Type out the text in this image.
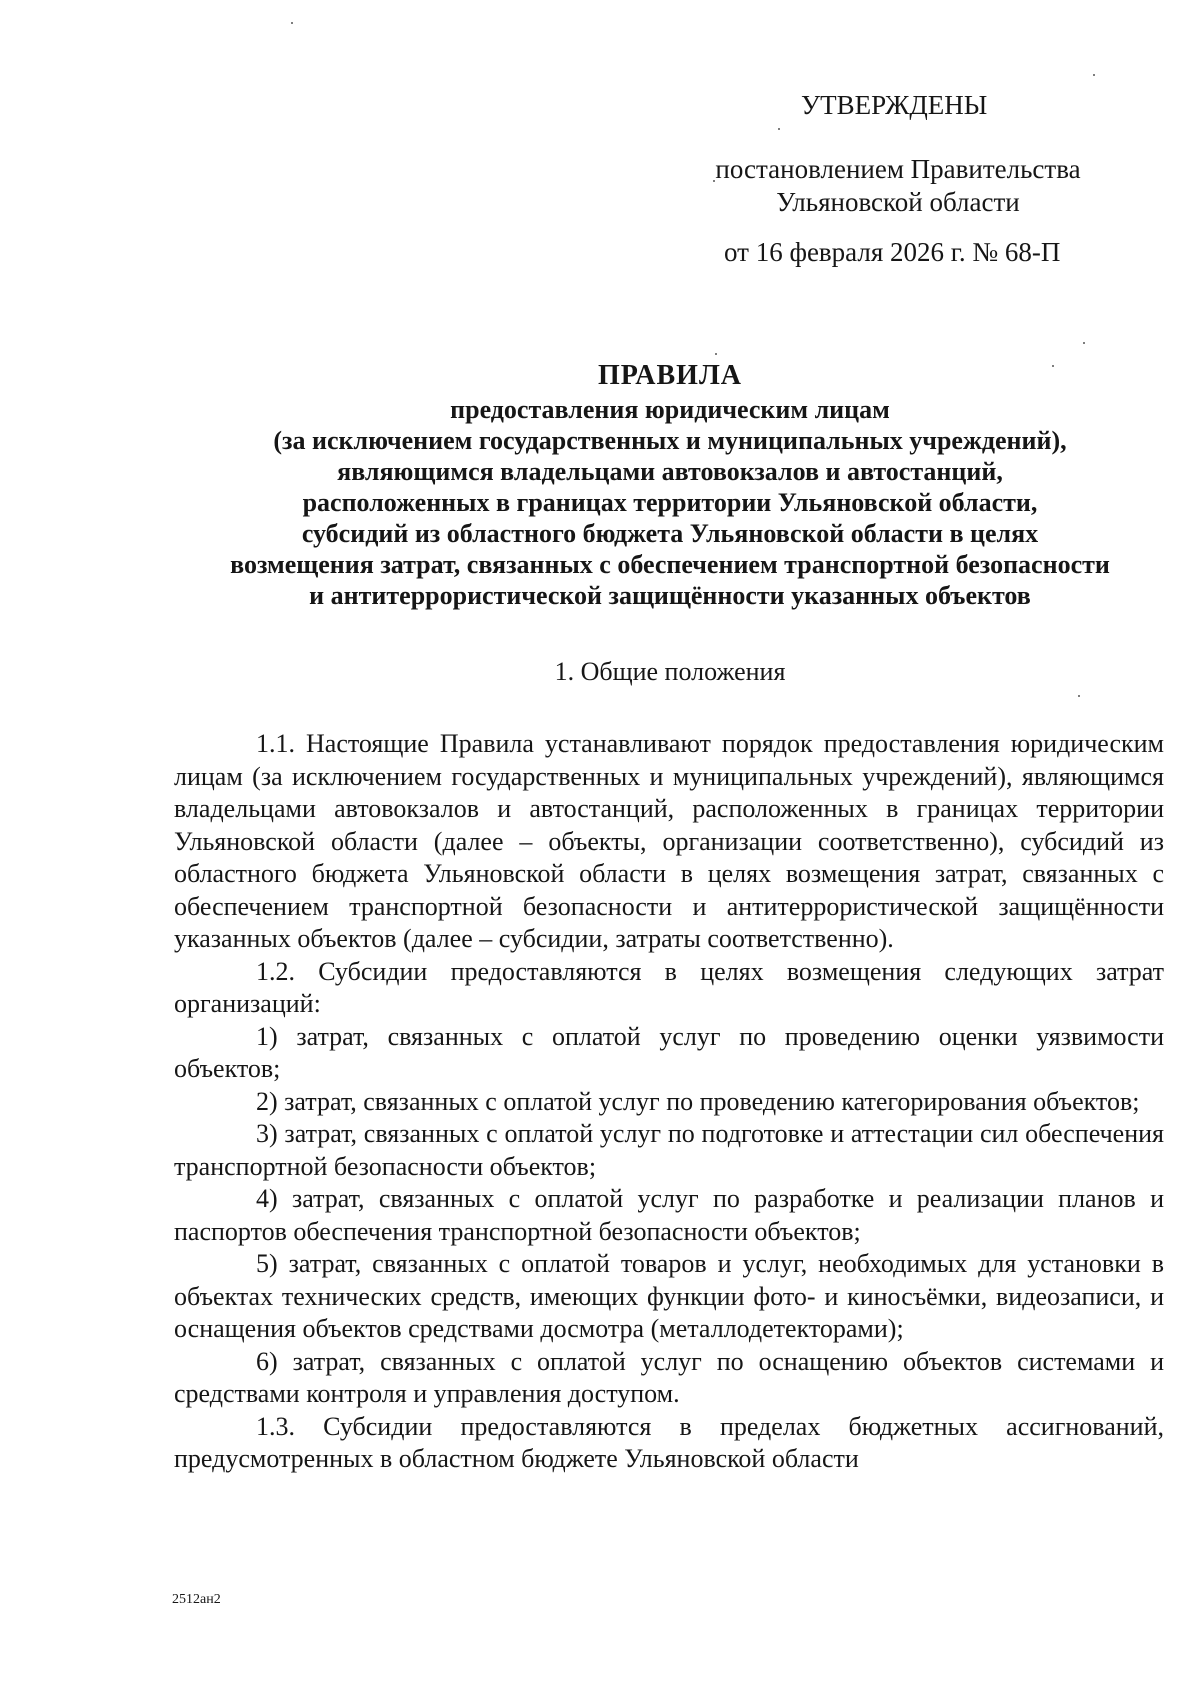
УТВЕРЖДЕНЫ
постановлением Правительства
Ульяновской области
от 16 февраля 2026 г. № 68-П
ПРАВИЛА
предоставления юридическим лицам
(за исключением государственных и муниципальных учреждений),
являющимся владельцами автовокзалов и автостанций,
расположенных в границах территории Ульяновской области,
субсидий из областного бюджета Ульяновской области в целях
возмещения затрат, связанных с обеспечением транспортной безопасности
и антитеррористической защищённости указанных объектов
1. Общие положения

1.1. Настоящие Правила устанавливают порядок предоставления юридическим лицам (за исключением государственных и муниципальных учреждений), являющимся владельцами автовокзалов и автостанций, расположенных в границах территории Ульяновской области (далее – объекты, организации соответственно), субсидий из областного бюджета Ульяновской области в целях возмещения затрат, связанных с обеспечением транспортной безопасности и антитеррористической защищённости указанных объектов (далее – субсидии, затраты соответственно).

1.2. Субсидии предоставляются в целях возмещения следующих затрат организаций:

1) затрат, связанных с оплатой услуг по проведению оценки уязвимости объектов;

2) затрат, связанных с оплатой услуг по проведению категорирования объектов;

3) затрат, связанных с оплатой услуг по подготовке и аттестации сил обеспечения транспортной безопасности объектов;

4) затрат, связанных с оплатой услуг по разработке и реализации планов и паспортов обеспечения транспортной безопасности объектов;

5) затрат, связанных с оплатой товаров и услуг, необходимых для установки в объектах технических средств, имеющих функции фото- и киносъёмки, видеозаписи, и оснащения объектов средствами досмотра (металлодетекторами);

6) затрат, связанных с оплатой услуг по оснащению объектов системами и средствами контроля и управления доступом.

1.3. Субсидии предоставляются в пределах бюджетных ассигнований, предусмотренных в областном бюджете Ульяновской области

2512ан2
